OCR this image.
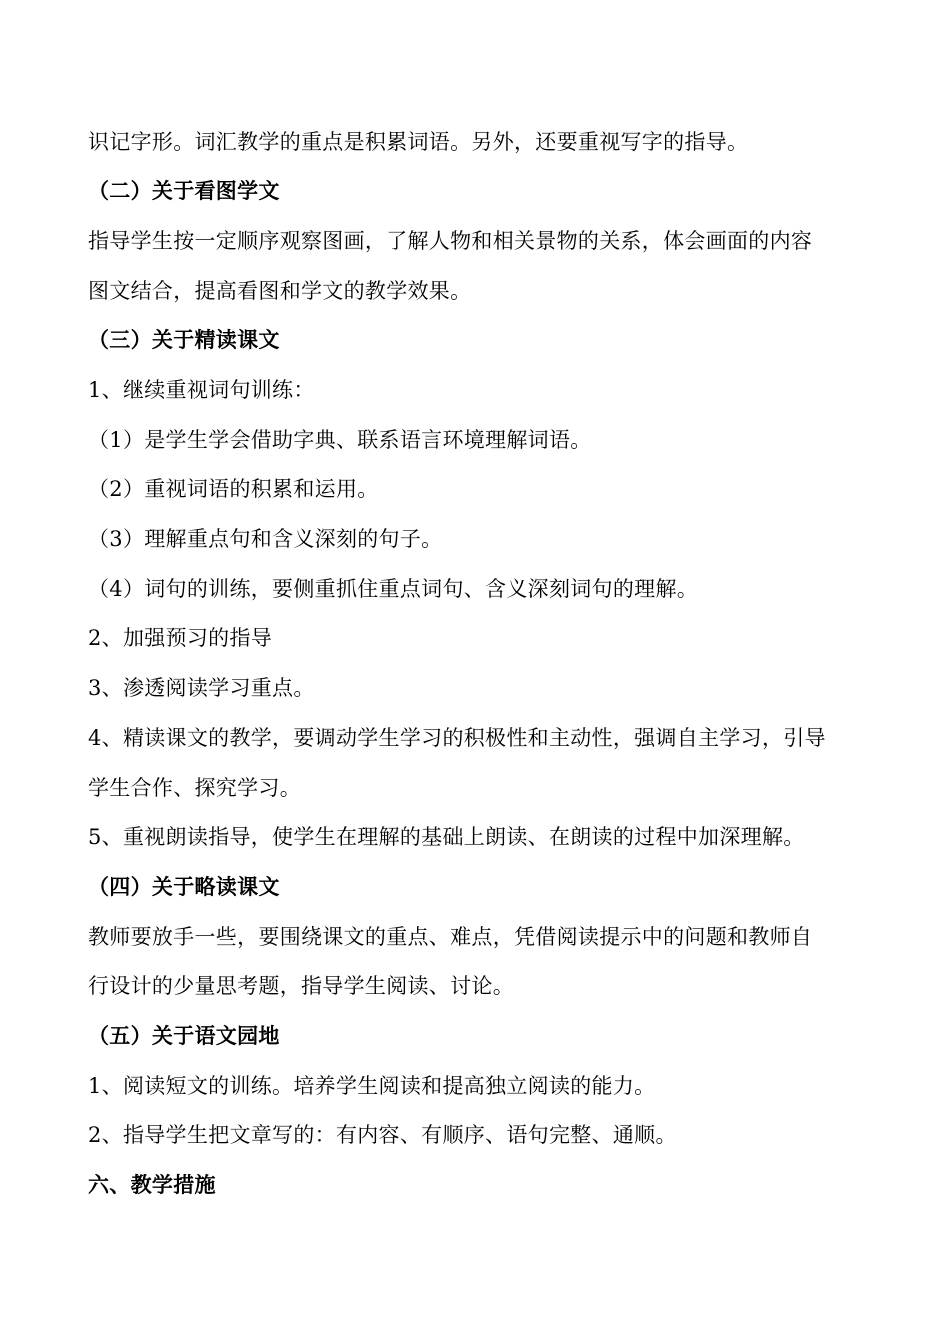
识记字形。词汇教学的重点是积累词语。另外，还要重视写字的指导。
（二）关于看图学文
指导学生按一定顺序观察图画，了解人物和相关景物的关系，体会画面的内容
图文结合，提高看图和学文的教学效果。
（三）关于精读课文
1、继续重视词句训练：
（1）是学生学会借助字典、联系语言环境理解词语。
（2）重视词语的积累和运用。
（3）理解重点句和含义深刻的句子。
（4）词句的训练，要侧重抓住重点词句、含义深刻词句的理解。
2、加强预习的指导
3、渗透阅读学习重点。
4、精读课文的教学，要调动学生学习的积极性和主动性，强调自主学习，引导
学生合作、探究学习。
5、重视朗读指导，使学生在理解的基础上朗读、在朗读的过程中加深理解。
（四）关于略读课文
教师要放手一些，要围绕课文的重点、难点，凭借阅读提示中的问题和教师自
行设计的少量思考题，指导学生阅读、讨论。
（五）关于语文园地
1、阅读短文的训练。培养学生阅读和提高独立阅读的能力。
2、指导学生把文章写的：有内容、有顺序、语句完整、通顺。
六、教学措施
